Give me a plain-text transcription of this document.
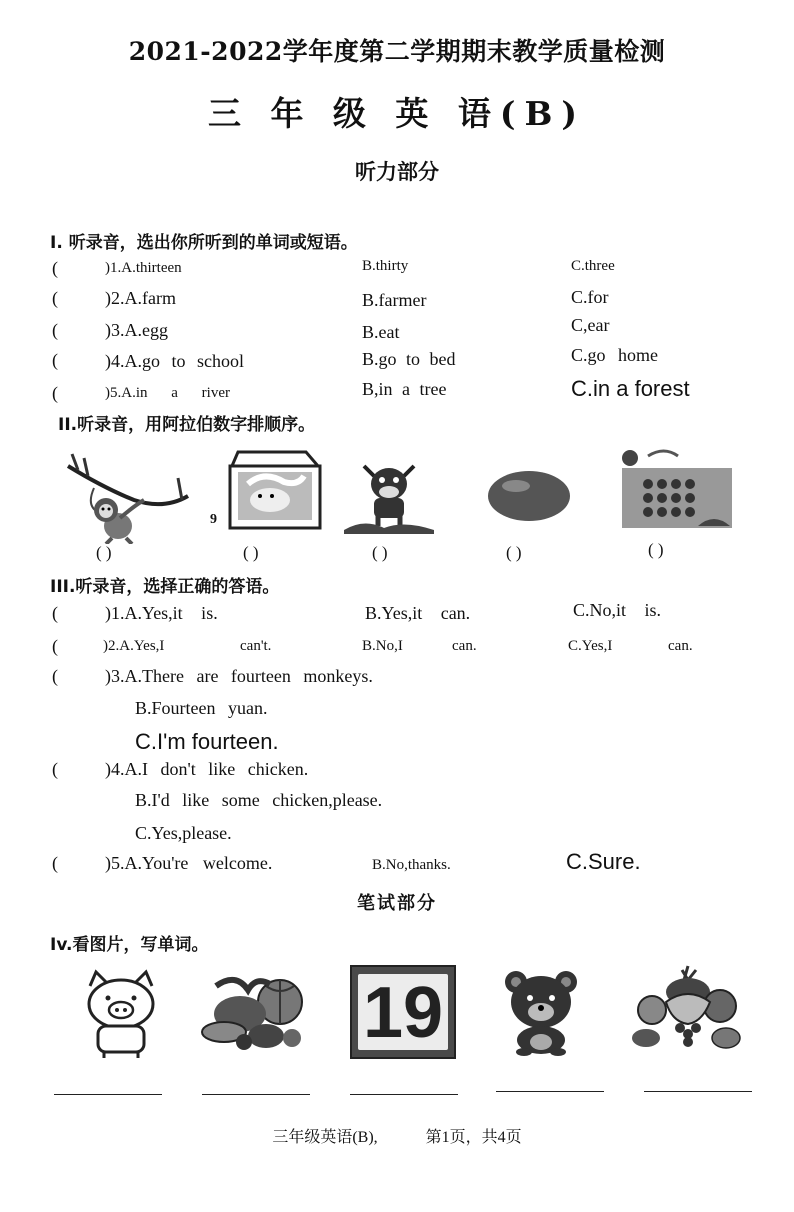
2021-2022学年度第二学期期末教学质量检测
三 年 级 英 语(B)
听力部分
I. 听录音，选出你所听到的单词或短语。
(	)1.A.thirteen	B.thirty	C.three
(	)2.A.farm	B.farmer	C.for
(	)3.A.egg	B.eat	C,ear
(	)4.A.go to school	B.go to bed	C.go home
(	)5.A.in a river	B,in a tree	C.in a forest
II.听录音，用阿拉伯数字排顺序。
( )
9
( )	( )	( )	( )
III.听录音，选择正确的答语。
(	)1.A.Yes,it is.	B.Yes,it can.	C.No,it is.
(	)2.A.Yes,I	can't.	B.No,I	can.	C.Yes,I	can.
(	)3.A.There are fourteen monkeys.
B.Fourteen yuan.
C.I'm fourteen.
(	)4.A.I don't like chicken.
B.I'd like some chicken,please.
C.Yes,please.
(	)5.A.You're welcome.	B.No,thanks.	C.Sure.
笔试部分
Iv.看图片，写单词。
19
三年级英语(B),	第1页，共4页
